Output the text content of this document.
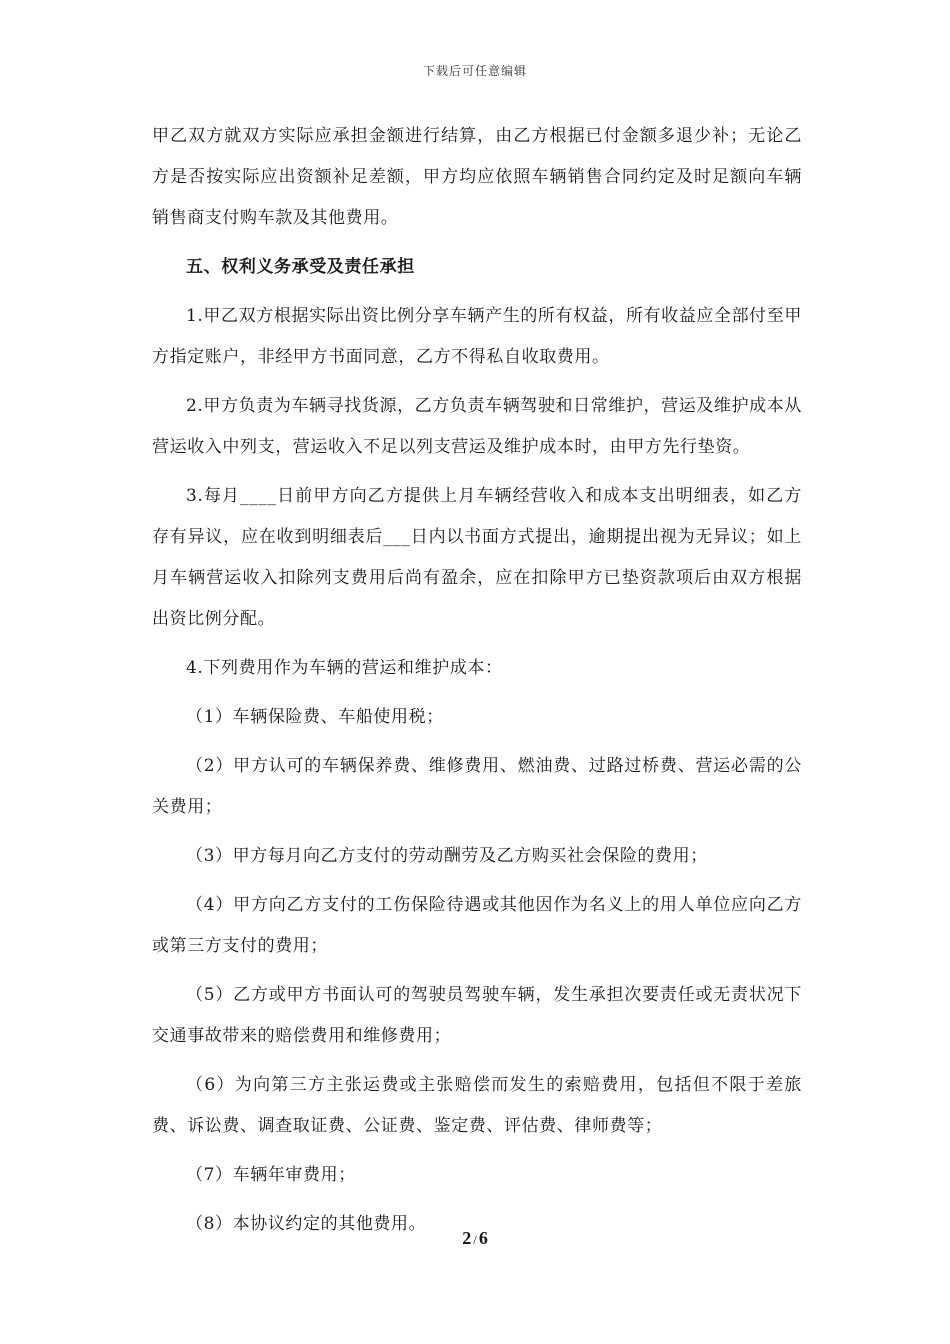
下载后可任意编辑

甲乙双方就双方实际应承担金额进行结算，由乙方根据已付金额多退少补；无论乙方是否按实际应出资额补足差额，甲方均应依照车辆销售合同约定及时足额向车辆销售商支付购车款及其他费用。

五、权利义务承受及责任承担

1.甲乙双方根据实际出资比例分享车辆产生的所有权益，所有收益应全部付至甲方指定账户，非经甲方书面同意，乙方不得私自收取费用。

2.甲方负责为车辆寻找货源，乙方负责车辆驾驶和日常维护，营运及维护成本从营运收入中列支，营运收入不足以列支营运及维护成本时，由甲方先行垫资。

3.每月____日前甲方向乙方提供上月车辆经营收入和成本支出明细表，如乙方存有异议，应在收到明细表后___日内以书面方式提出，逾期提出视为无异议；如上月车辆营运收入扣除列支费用后尚有盈余，应在扣除甲方已垫资款项后由双方根据出资比例分配。

4.下列费用作为车辆的营运和维护成本：

（1）车辆保险费、车船使用税；

（2）甲方认可的车辆保养费、维修费用、燃油费、过路过桥费、营运必需的公关费用；

（3）甲方每月向乙方支付的劳动酬劳及乙方购买社会保险的费用；

（4）甲方向乙方支付的工伤保险待遇或其他因作为名义上的用人单位应向乙方或第三方支付的费用；

（5）乙方或甲方书面认可的驾驶员驾驶车辆，发生承担次要责任或无责状况下交通事故带来的赔偿费用和维修费用；

（6）为向第三方主张运费或主张赔偿而发生的索赔费用，包括但不限于差旅费、诉讼费、调查取证费、公证费、鉴定费、评估费、律师费等；

（7）车辆年审费用；

（8）本协议约定的其他费用。

2 / 6
